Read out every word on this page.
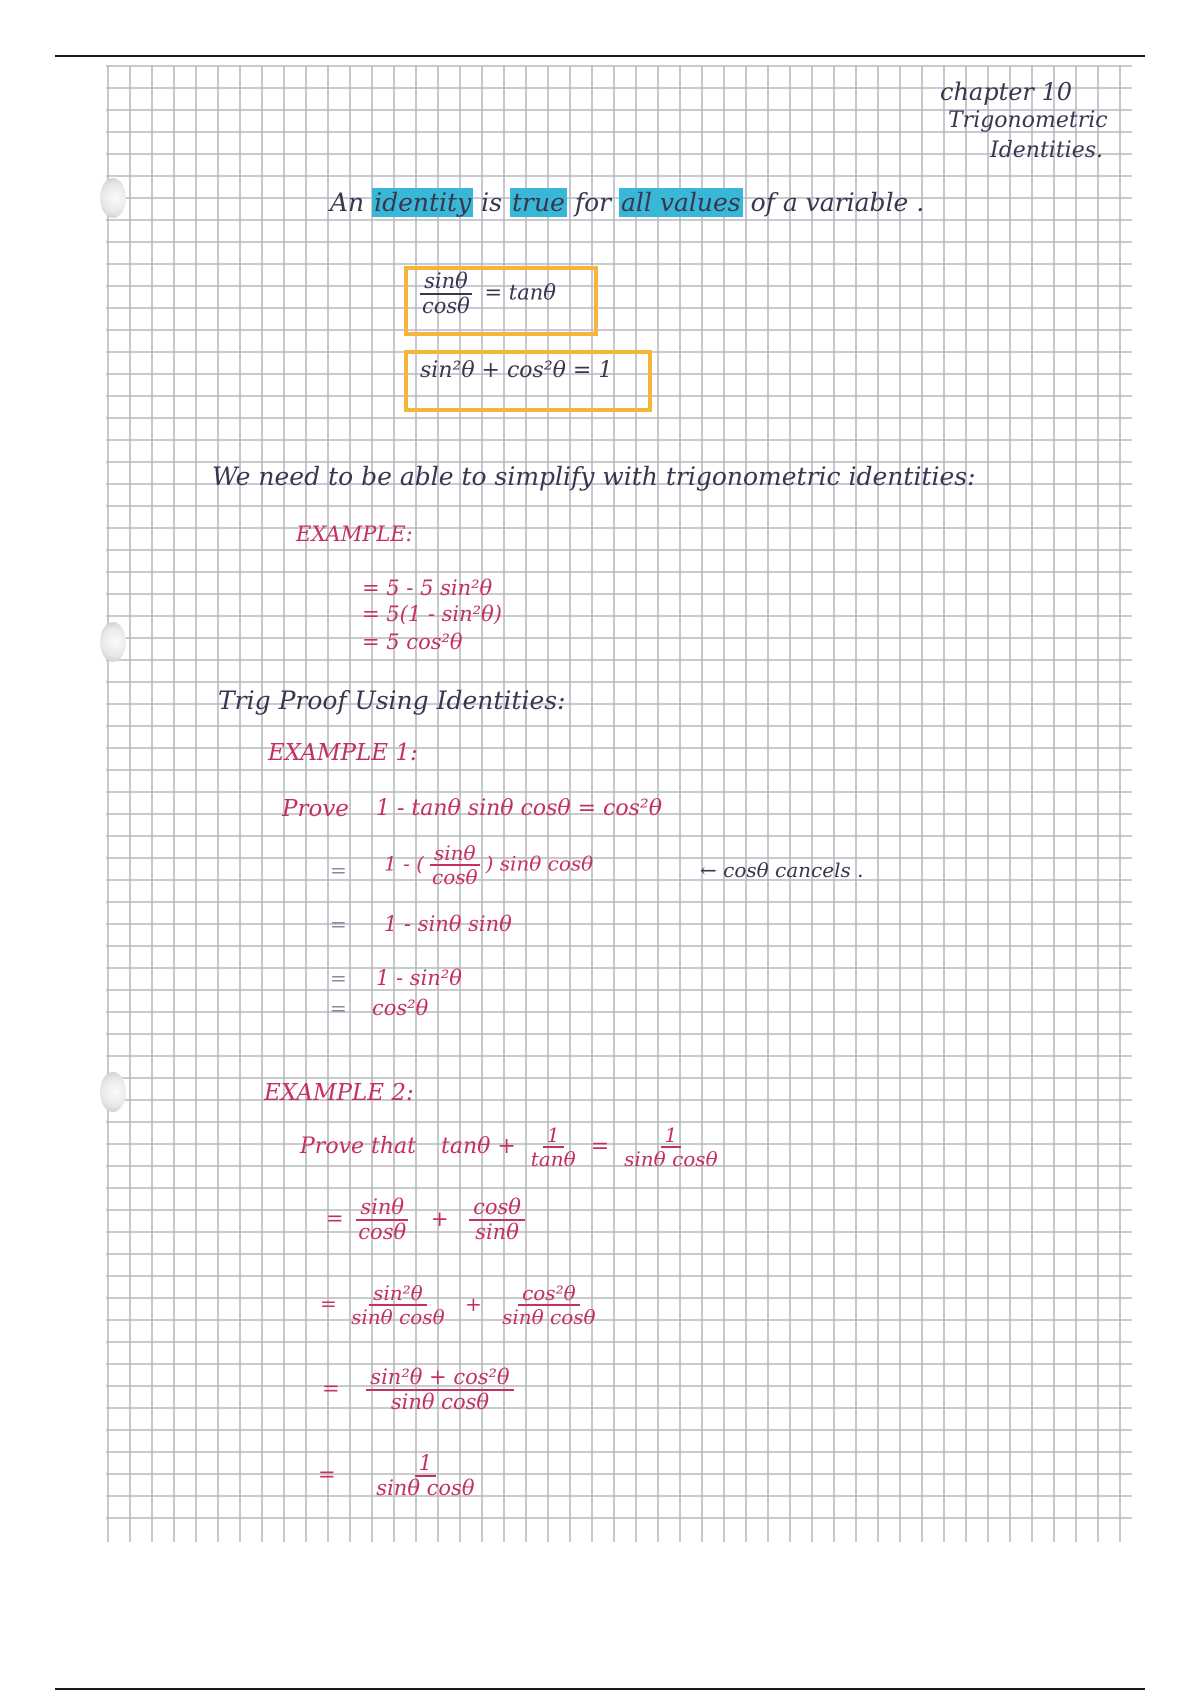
chapter 10
Trigonometric
Identities.
An identity is true for all values of a variable .
$\frac{\sin\theta}{\cos\theta} = \tan\theta$
sin²θ + cos²θ = 1
We need to be able to simplify with trigonometric identities:
EXAMPLE:
= 5 - 5 sin²θ
= 5(1 - sin²θ)
= 5 cos²θ
Trig Proof Using Identities:
EXAMPLE 1:
Prove 1 - tanθ sinθ cosθ = cos²θ
= 1 - ( $\frac{\sin\theta}{\cos\theta}$ ) sinθ cosθ	← cosθ cancels .
= 1 - sinθ sinθ
= 1 - sin²θ
= cos²θ
EXAMPLE 2:
Prove that $\tan\theta + \frac{1}{\tan\theta} = \frac{1}{\text{sinθ cosθ}}$
= $\frac{\sin\theta}{\cos\theta} + \frac{\cos\theta}{\sin\theta}$
= $\frac{\text{sin²θ}}{\text{sinθ cosθ}} + \frac{\text{cos²θ}}{\text{sinθ cosθ}}$
= $\frac{\text{sin²θ + cos²θ}}{\text{sinθ cosθ}}$
= $\frac{1}{\text{sinθ cosθ}}$
